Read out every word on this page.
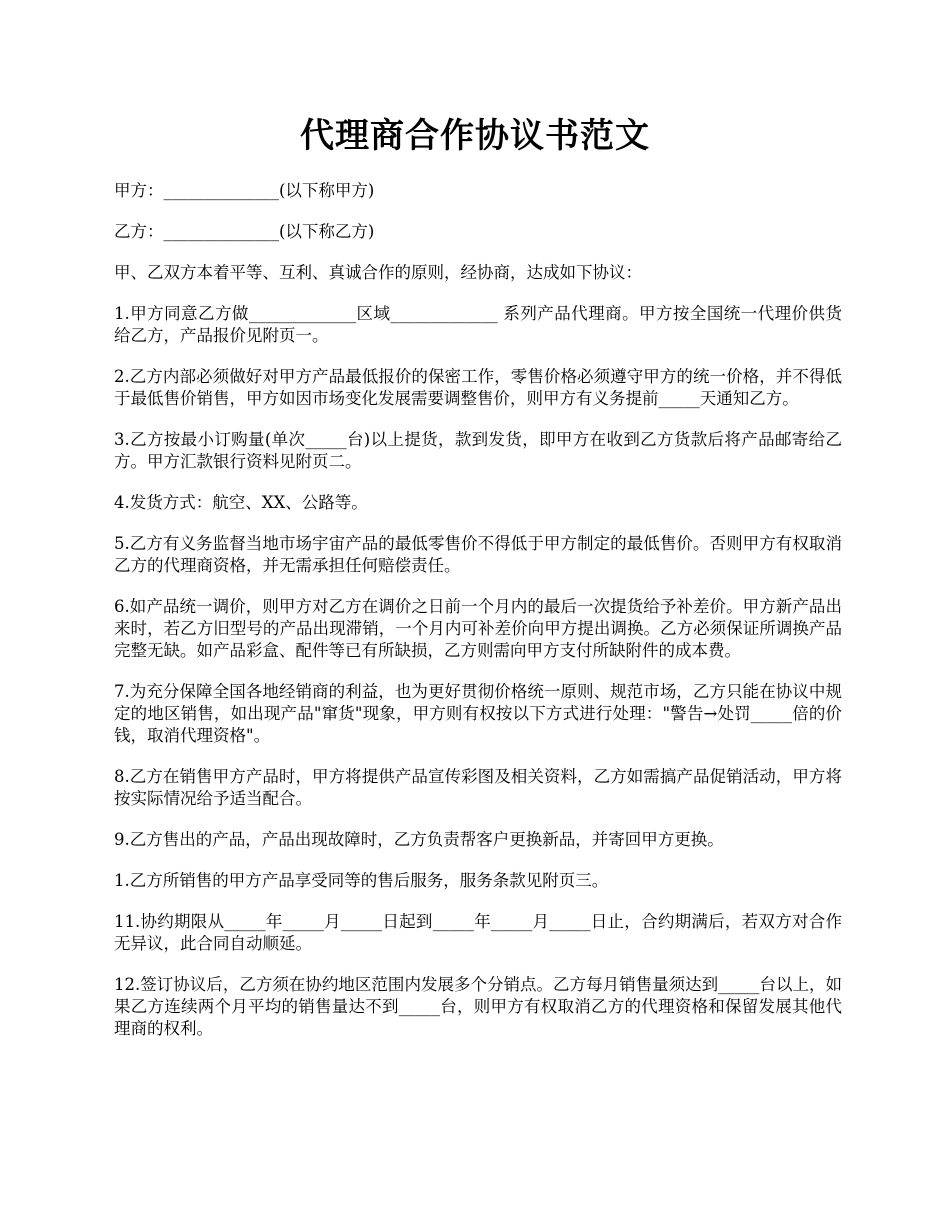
代理商合作协议书范文

甲方：______________(以下称甲方)

乙方：______________(以下称乙方)

甲、乙双方本着平等、互利、真诚合作的原则，经协商，达成如下协议：

1.甲方同意乙方做_____________区域_____________ 系列产品代理商。甲方按全国统一代理价供货给乙方，产品报价见附页一。

2.乙方内部必须做好对甲方产品最低报价的保密工作，零售价格必须遵守甲方的统一价格，并不得低于最低售价销售，甲方如因市场变化发展需要调整售价，则甲方有义务提前_____天通知乙方。

3.乙方按最小订购量(单次_____台)以上提货，款到发货，即甲方在收到乙方货款后将产品邮寄给乙方。甲方汇款银行资料见附页二。

4.发货方式：航空、XX、公路等。

5.乙方有义务监督当地市场宇宙产品的最低零售价不得低于甲方制定的最低售价。否则甲方有权取消乙方的代理商资格，并无需承担任何赔偿责任。

6.如产品统一调价，则甲方对乙方在调价之日前一个月内的最后一次提货给予补差价。甲方新产品出来时，若乙方旧型号的产品出现滞销，一个月内可补差价向甲方提出调换。乙方必须保证所调换产品完整无缺。如产品彩盒、配件等已有所缺损，乙方则需向甲方支付所缺附件的成本费。

7.为充分保障全国各地经销商的利益，也为更好贯彻价格统一原则、规范市场，乙方只能在协议中规定的地区销售，如出现产品"窜货"现象，甲方则有权按以下方式进行处理："警告→处罚_____倍的价钱，取消代理资格"。

8.乙方在销售甲方产品时，甲方将提供产品宣传彩图及相关资料，乙方如需搞产品促销活动，甲方将按实际情况给予适当配合。

9.乙方售出的产品，产品出现故障时，乙方负责帮客户更换新品，并寄回甲方更换。

1.乙方所销售的甲方产品享受同等的售后服务，服务条款见附页三。

11.协约期限从_____年_____月_____日起到_____年_____月_____日止，合约期满后，若双方对合作无异议，此合同自动顺延。

12.签订协议后，乙方须在协约地区范围内发展多个分销点。乙方每月销售量须达到_____台以上，如果乙方连续两个月平均的销售量达不到_____台，则甲方有权取消乙方的代理资格和保留发展其他代理商的权利。
